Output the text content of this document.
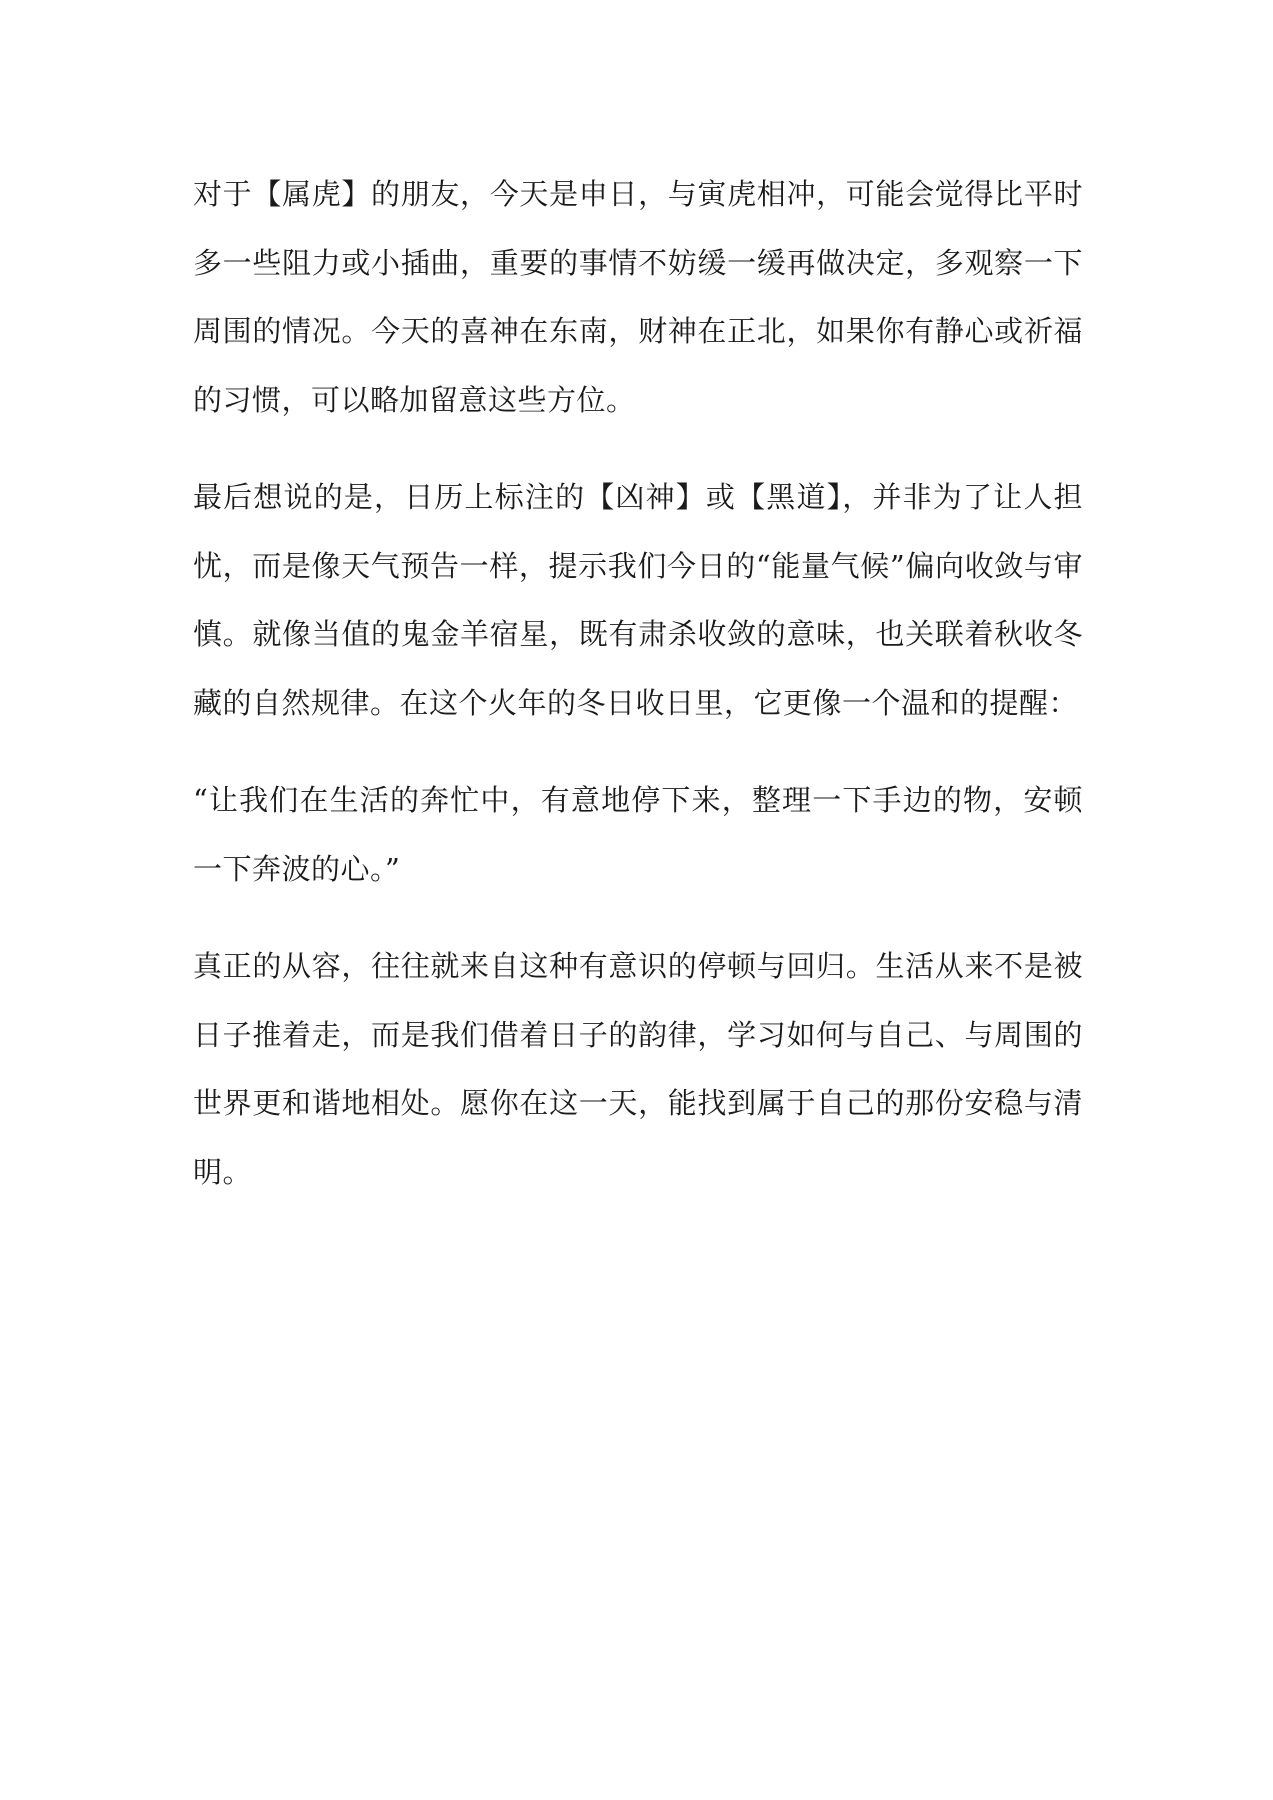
对于【属虎】的朋友，今天是申日，与寅虎相冲，可能会觉得比平时多一些阻力或小插曲，重要的事情不妨缓一缓再做决定，多观察一下周围的情况。今天的喜神在东南，财神在正北，如果你有静心或祈福的习惯，可以略加留意这些方位。

最后想说的是，日历上标注的【凶神】或【黑道】，并非为了让人担忧，而是像天气预告一样，提示我们今日的“能量气候”偏向收敛与审慎。就像当值的鬼金羊宿星，既有肃杀收敛的意味，也关联着秋收冬藏的自然规律。在这个火年的冬日收日里，它更像一个温和的提醒：

“让我们在生活的奔忙中，有意地停下来，整理一下手边的物，安顿一下奔波的心。”

真正的从容，往往就来自这种有意识的停顿与回归。生活从来不是被日子推着走，而是我们借着日子的韵律，学习如何与自己、与周围的世界更和谐地相处。愿你在这一天，能找到属于自己的那份安稳与清明。
